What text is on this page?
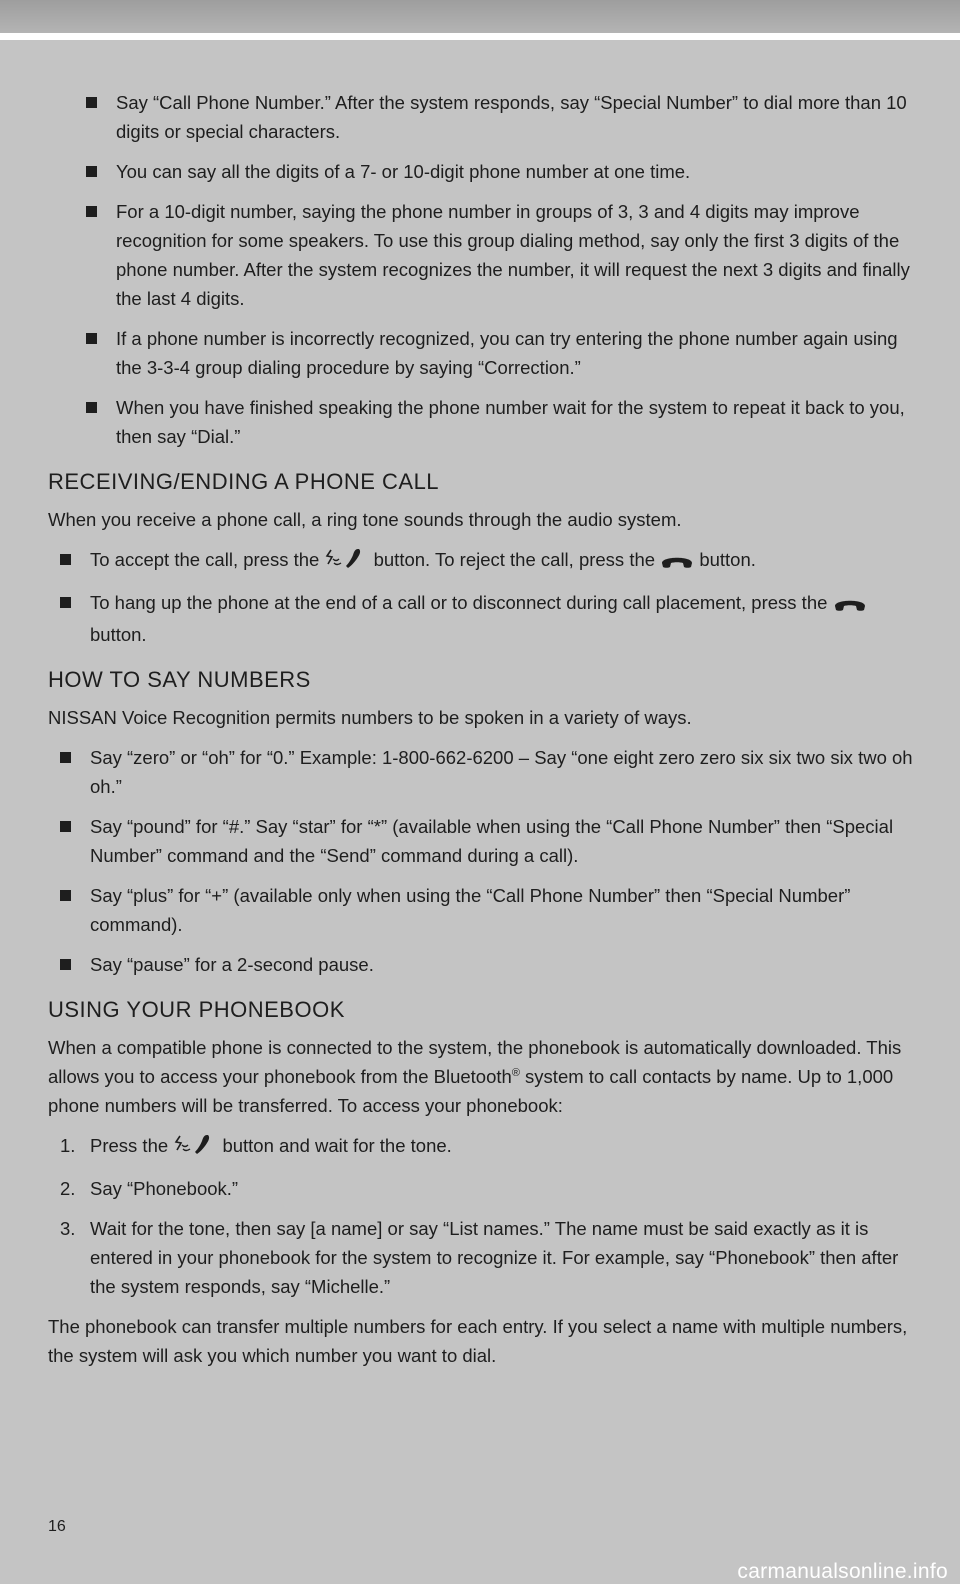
Say “Call Phone Number.” After the system responds, say “Special Number” to dial more than 10 digits or special characters.
You can say all the digits of a 7- or 10-digit phone number at one time.
For a 10-digit number, saying the phone number in groups of 3, 3 and 4 digits may improve recognition for some speakers. To use this group dialing method, say only the first 3 digits of the phone number. After the system recognizes the number, it will request the next 3 digits and finally the last 4 digits.
If a phone number is incorrectly recognized, you can try entering the phone number again using the 3-3-4 group dialing procedure by saying “Correction.”
When you have finished speaking the phone number wait for the system to repeat it back to you, then say “Dial.”
RECEIVING/ENDING A PHONE CALL
When you receive a phone call, a ring tone sounds through the audio system.
To accept the call, press the	button. To reject the call, press the button.
To hang up the phone at the end of a call or to disconnect during call placement, press the  button.
HOW TO SAY NUMBERS
NISSAN Voice Recognition permits numbers to be spoken in a variety of ways.
Say “zero” or “oh” for “0.” Example: 1-800-662-6200 – Say “one eight zero zero six six two six two oh oh.”
Say “pound” for “#.” Say “star” for “*” (available when using the “Call Phone Number” then “Special Number” command and the “Send” command during a call).
Say “plus” for “+” (available only when using the “Call Phone Number” then “Special Number” command).
Say “pause” for a 2-second pause.
USING YOUR PHONEBOOK
When a compatible phone is connected to the system, the phonebook is automatically downloaded. This allows you to access your phonebook from the Bluetooth® system to call contacts by name. Up to 1,000 phone numbers will be transferred. To access your phonebook:
1. Press the	button and wait for the tone.
2. Say “Phonebook.”
3. Wait for the tone, then say [a name] or say “List names.” The name must be said exactly as it is entered in your phonebook for the system to recognize it. For example, say “Phonebook” then after the system responds, say “Michelle.”
The phonebook can transfer multiple numbers for each entry. If you select a name with multiple numbers, the system will ask you which number you want to dial.
16
carmanualsonline.info
